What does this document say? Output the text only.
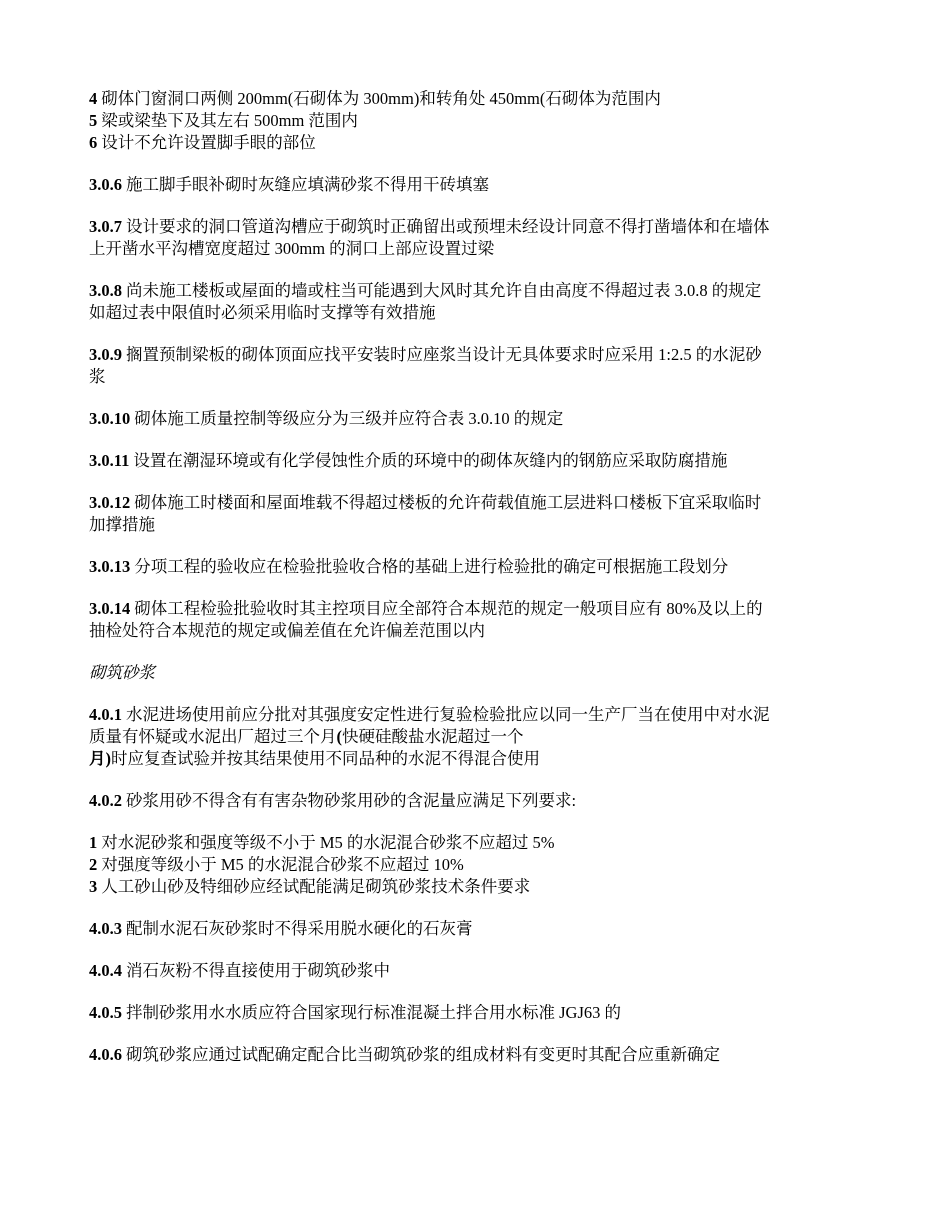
4 砌体门窗洞口两侧 200mm(石砌体为 300mm)和转角处 450mm(石砌体为范围内
5 梁或梁垫下及其左右 500mm 范围内
6 设计不允许设置脚手眼的部位
3.0.6 施工脚手眼补砌时灰缝应填满砂浆不得用干砖填塞
3.0.7 设计要求的洞口管道沟槽应于砌筑时正确留出或预埋未经设计同意不得打凿墙体和在墙体
上开凿水平沟槽宽度超过 300mm 的洞口上部应设置过梁
3.0.8 尚未施工楼板或屋面的墙或柱当可能遇到大风时其允许自由高度不得超过表 3.0.8 的规定
如超过表中限值时必须采用临时支撑等有效措施
3.0.9 搁置预制梁板的砌体顶面应找平安装时应座浆当设计无具体要求时应采用 1:2.5 的水泥砂
浆
3.0.10 砌体施工质量控制等级应分为三级并应符合表 3.0.10 的规定
3.0.11 设置在潮湿环境或有化学侵蚀性介质的环境中的砌体灰缝内的钢筋应采取防腐措施
3.0.12 砌体施工时楼面和屋面堆载不得超过楼板的允许荷载值施工层进料口楼板下宜采取临时
加撑措施
3.0.13 分项工程的验收应在检验批验收合格的基础上进行检验批的确定可根据施工段划分
3.0.14 砌体工程检验批验收时其主控项目应全部符合本规范的规定一般项目应有 80%及以上的
抽检处符合本规范的规定或偏差值在允许偏差范围以内
砌筑砂浆
4.0.1 水泥进场使用前应分批对其强度安定性进行复验检验批应以同一生产厂当在使用中对水泥
质量有怀疑或水泥出厂超过三个月(快硬硅酸盐水泥超过一个
月)时应复查试验并按其结果使用不同品种的水泥不得混合使用
4.0.2 砂浆用砂不得含有有害杂物砂浆用砂的含泥量应满足下列要求:
1 对水泥砂浆和强度等级不小于 M5 的水泥混合砂浆不应超过 5%
2 对强度等级小于 M5 的水泥混合砂浆不应超过 10%
3 人工砂山砂及特细砂应经试配能满足砌筑砂浆技术条件要求
4.0.3 配制水泥石灰砂浆时不得采用脱水硬化的石灰膏
4.0.4 消石灰粉不得直接使用于砌筑砂浆中
4.0.5 拌制砂浆用水水质应符合国家现行标准混凝土拌合用水标准 JGJ63 的
4.0.6 砌筑砂浆应通过试配确定配合比当砌筑砂浆的组成材料有变更时其配合应重新确定
